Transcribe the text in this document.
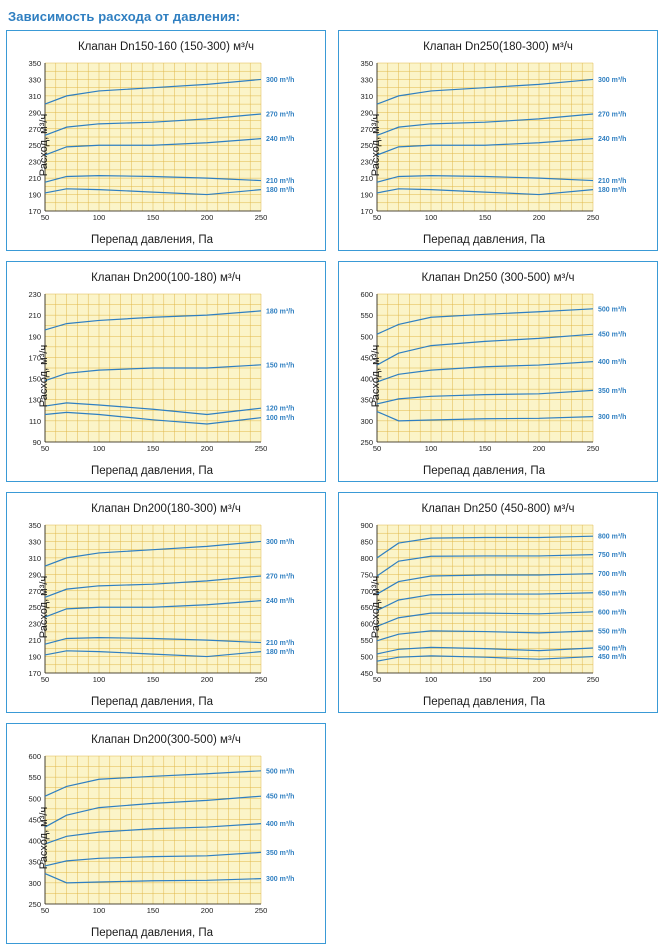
Зависимость расхода от давления:
Клапан Dn150-160 (150-300) м³/ч
Расход, м³/ч
170
190
210
230
250
270
290
310
330
350
50	100	150	200	250
300 m³/h
270 m³/h
240 m³/h
210 m³/h
180 m³/h
Перепад давления, Па
Клапан Dn250(180-300) м³/ч
Расход, м³/ч
170
190
210
230
250
270
290
310
330
350
50	100	150	200	250
300 m³/h
270 m³/h
240 m³/h
210 m³/h
180 m³/h
Перепад давления, Па
Клапан Dn200(100-180) м³/ч
Расход, м³/ч
90
110
130
150
170
190
210
230
50	100	150	200	250
180 m³/h
150 m³/h
120 m³/h
100 m³/h
Перепад давления, Па
Клапан Dn250 (300-500) м³/ч
Расход, м³/ч
250
300
350
400
450
500
550
600
50	100	150	200	250
500 m³/h
450 m³/h
400 m³/h
350 m³/h
300 m³/h
Перепад давления, Па
Клапан Dn200(180-300) м³/ч
Расход, м³/ч
170
190
210
230
250
270
290
310
330
350
50	100	150	200	250
300 m³/h
270 m³/h
240 m³/h
210 m³/h
180 m³/h
Перепад давления, Па
Клапан Dn250 (450-800) м³/ч
Расход, м³/ч
450
500
550
600
650
700
750
800
850
900
50	100	150	200	250
800 m³/h
750 m³/h
700 m³/h
650 m³/h
600 m³/h
550 m³/h
500 m³/h
450 m³/h
Перепад давления, Па
Клапан Dn200(300-500) м³/ч
Расход, м³/ч
250
300
350
400
450
500
550
600
50	100	150	200	250
500 m³/h
450 m³/h
400 m³/h
350 m³/h
300 m³/h
Перепад давления, Па
